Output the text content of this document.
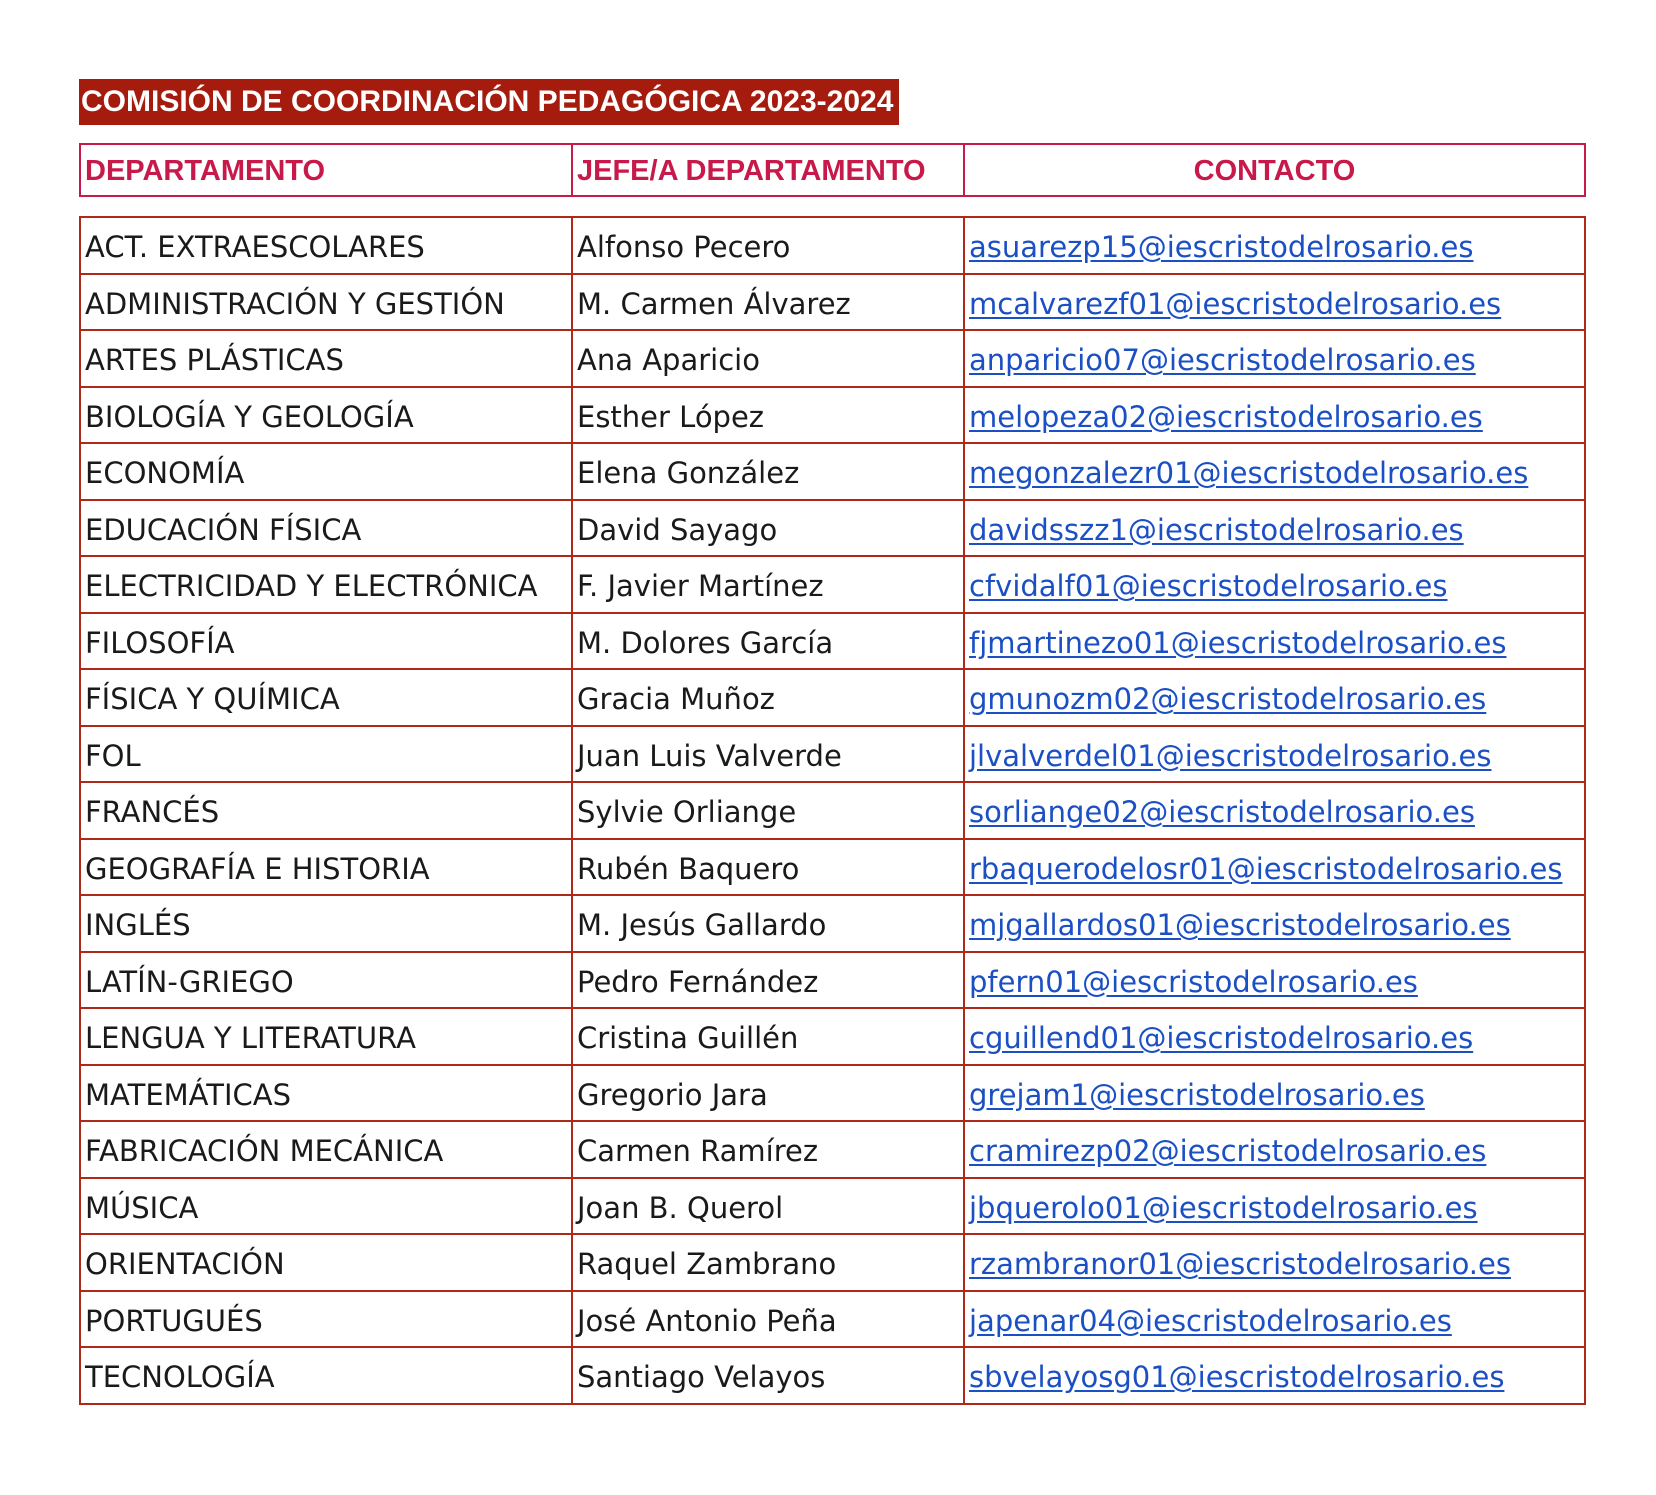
COMISIÓN DE COORDINACIÓN PEDAGÓGICA 2023-2024
DEPARTAMENTO	JEFE/A DEPARTAMENTO	CONTACTO
ACT. EXTRAESCOLARES	Alfonso Pecero	asuarezp15@iescristodelrosario.es
ADMINISTRACIÓN Y GESTIÓN	M. Carmen Álvarez	mcalvarezf01@iescristodelrosario.es
ARTES PLÁSTICAS	Ana Aparicio	anparicio07@iescristodelrosario.es
BIOLOGÍA Y GEOLOGÍA	Esther López	melopeza02@iescristodelrosario.es
ECONOMÍA	Elena González	megonzalezr01@iescristodelrosario.es
EDUCACIÓN FÍSICA	David Sayago	davidsszz1@iescristodelrosario.es
ELECTRICIDAD Y ELECTRÓNICA	F. Javier Martínez	cfvidalf01@iescristodelrosario.es
FILOSOFÍA	M. Dolores García	fjmartinezo01@iescristodelrosario.es
FÍSICA Y QUÍMICA	Gracia Muñoz	gmunozm02@iescristodelrosario.es
FOL	Juan Luis Valverde	jlvalverdel01@iescristodelrosario.es
FRANCÉS	Sylvie Orliange	sorliange02@iescristodelrosario.es
GEOGRAFÍA E HISTORIA	Rubén Baquero	rbaquerodelosr01@iescristodelrosario.es
INGLÉS	M. Jesús Gallardo	mjgallardos01@iescristodelrosario.es
LATÍN-GRIEGO	Pedro Fernández	pfern01@iescristodelrosario.es
LENGUA Y LITERATURA	Cristina Guillén	cguillend01@iescristodelrosario.es
MATEMÁTICAS	Gregorio Jara	grejam1@iescristodelrosario.es
FABRICACIÓN MECÁNICA	Carmen Ramírez	cramirezp02@iescristodelrosario.es
MÚSICA	Joan B. Querol	jbquerolo01@iescristodelrosario.es
ORIENTACIÓN	Raquel Zambrano	rzambranor01@iescristodelrosario.es
PORTUGUÉS	José Antonio Peña	japenar04@iescristodelrosario.es
TECNOLOGÍA	Santiago Velayos	sbvelayosg01@iescristodelrosario.es
